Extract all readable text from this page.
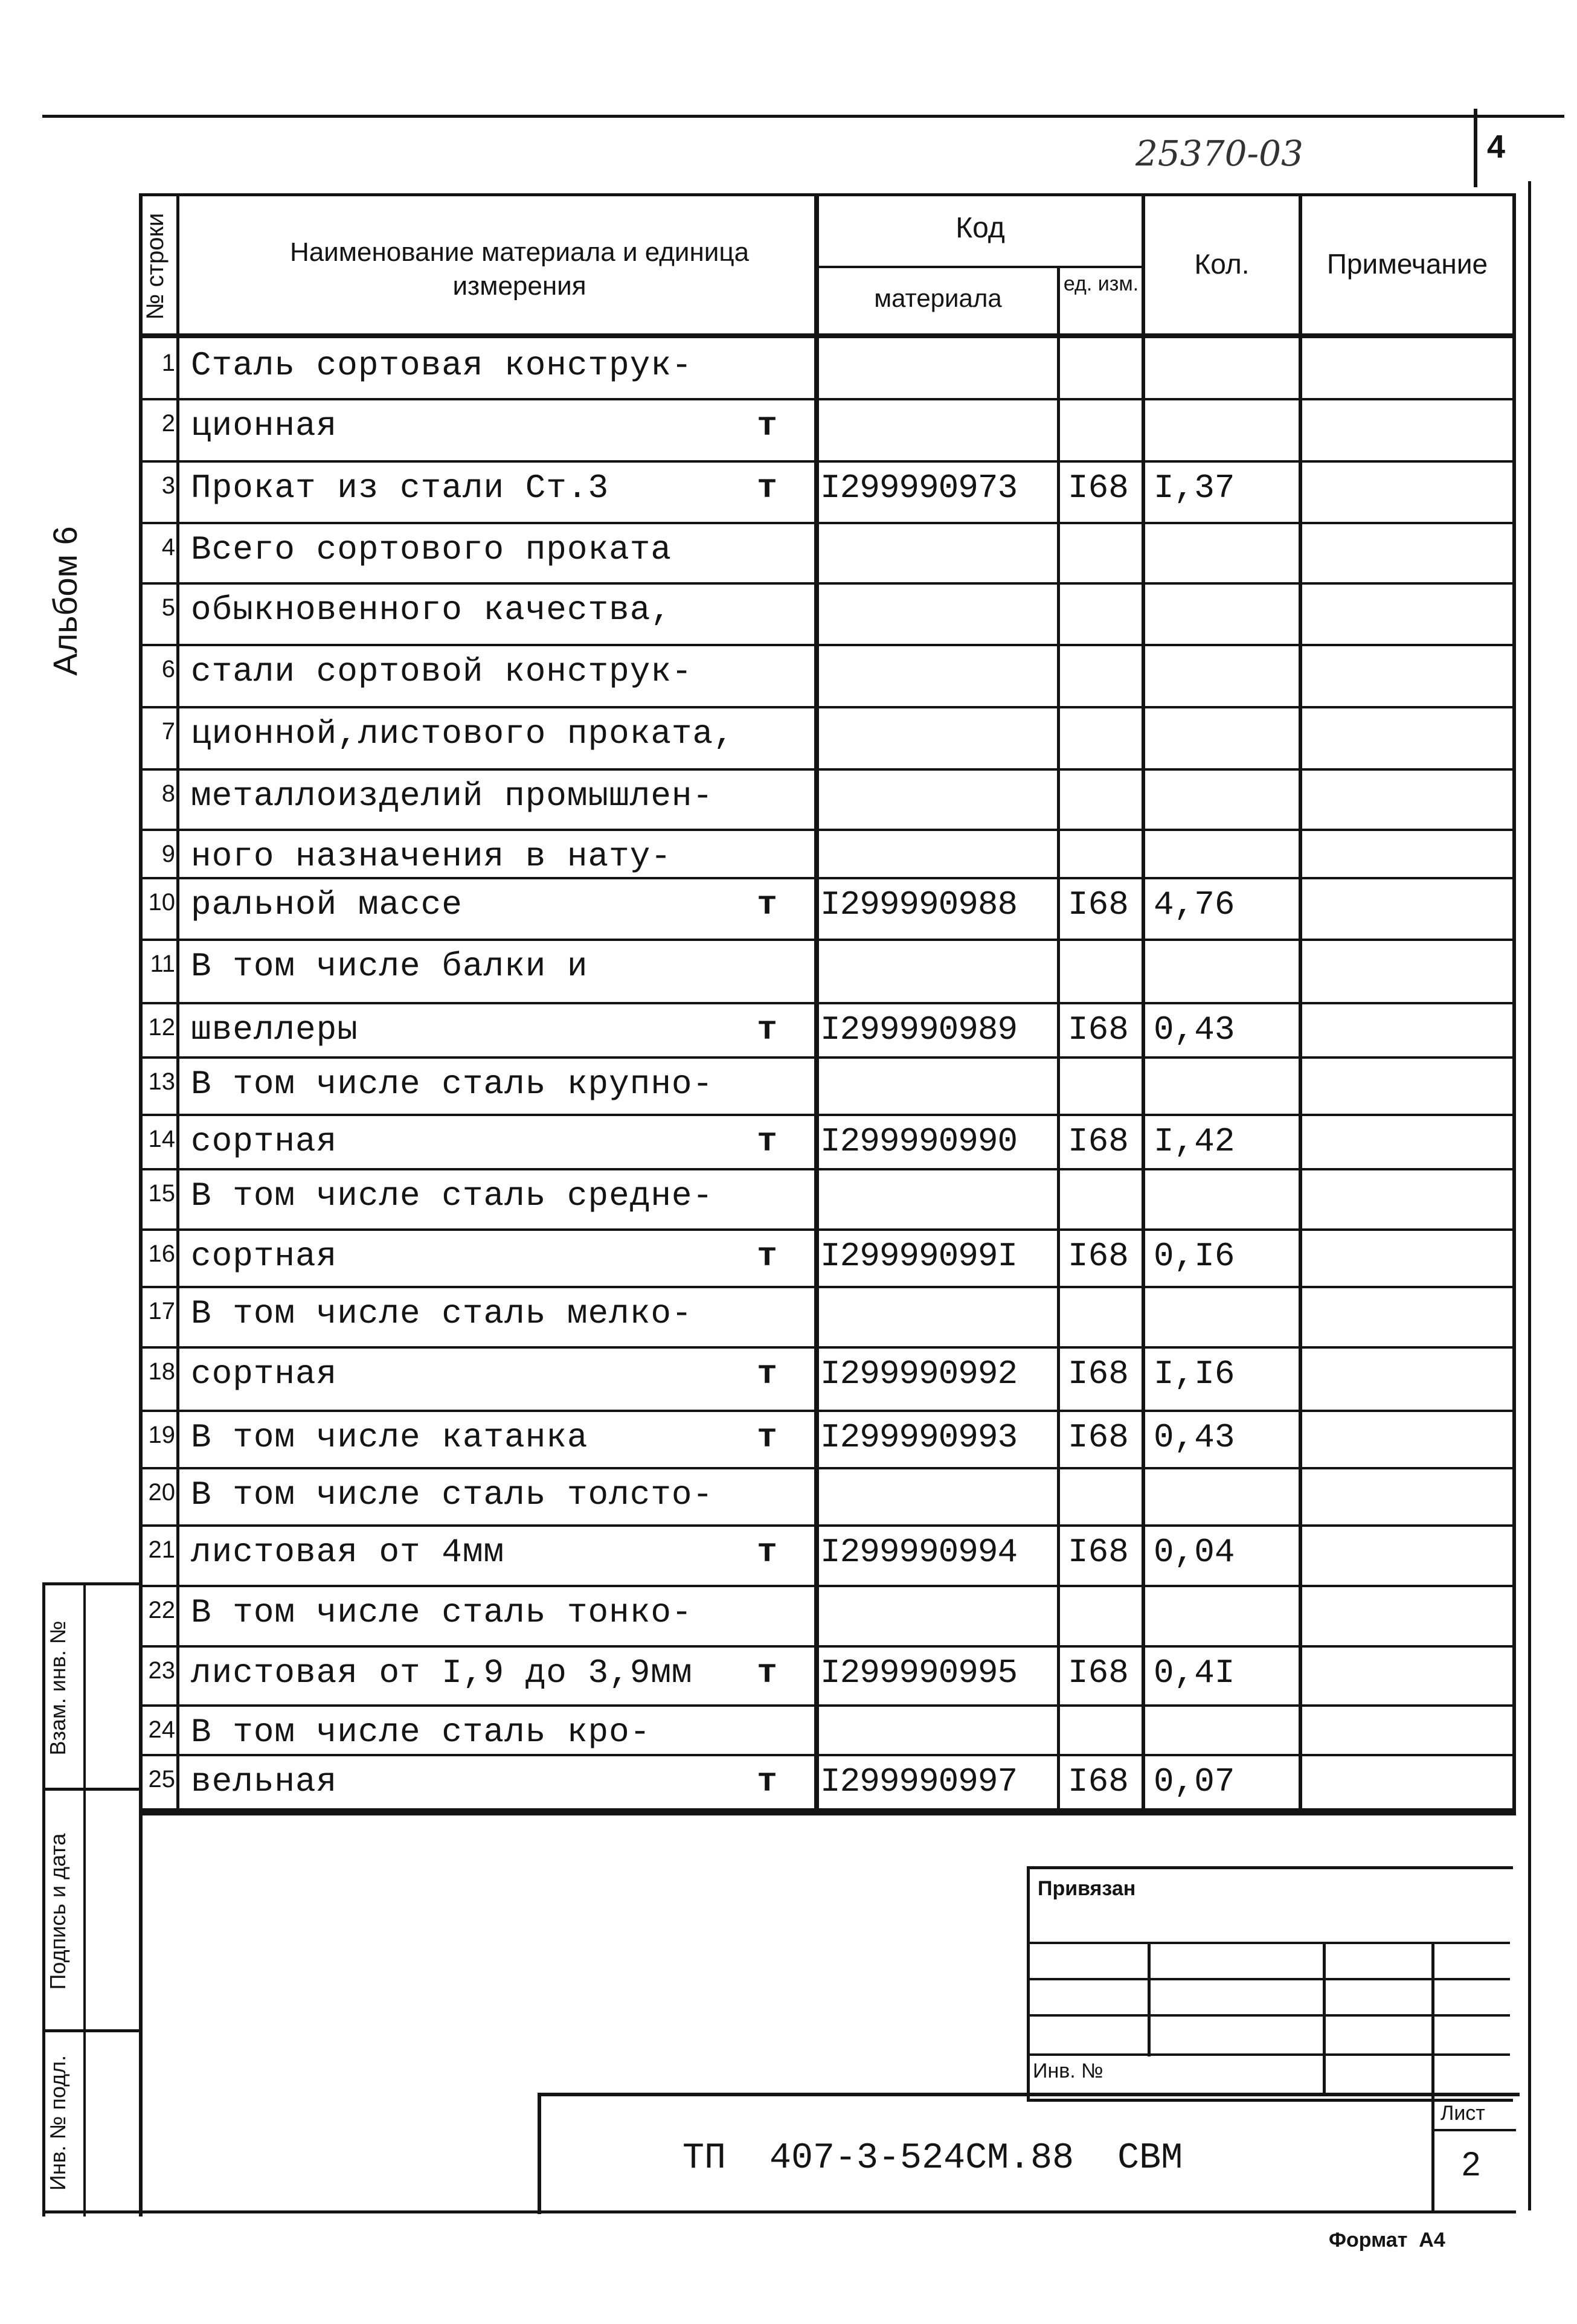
4
25370-03
Альбом 6
Инв. № подл.
Подпись и дата
Взам. инв. №
№ строки	Наименование материала и единица измерения
Код
материала	ед. изм.
Кол.	Примечание
1 Сталь сортовая конструк-
2 ционная	т
3 Прокат из стали Ст.3	т	I299990973	I68 I,37
4 Всего сортового проката
5 обыкновенного качества,
6 стали сортовой конструк-
7 ционной,листового проката,
8 металлоизделий промышлен-
9 ного назначения в нату-
10 ральной массе	т	I299990988	I68 4,76
11 В том числе балки и
12 швеллеры	т	I299990989	I68 0,43
13 В том числе сталь крупно-
14 сортная	т	I299990990	I68 I,42
15 В том числе сталь средне-
16 сортная	т	I29999099I	I68 0,I6
17 В том числе сталь мелко-
18 сортная	т	I299990992	I68 I,I6
19 В том числе катанка	т	I299990993	I68 0,43
20 В том числе сталь толсто-
21 листовая от 4мм	т	I299990994	I68 0,04
22 В том числе сталь тонко-
23 листовая от I,9 до 3,9мм	т	I299990995	I68 0,4I
24 В том числе сталь кро-
25 вельная	т	I299990997	I68 0,07
Привязан
Инв. №
Лист
2
ТП  407-3-524СМ.88  СВМ
Формат  А4
